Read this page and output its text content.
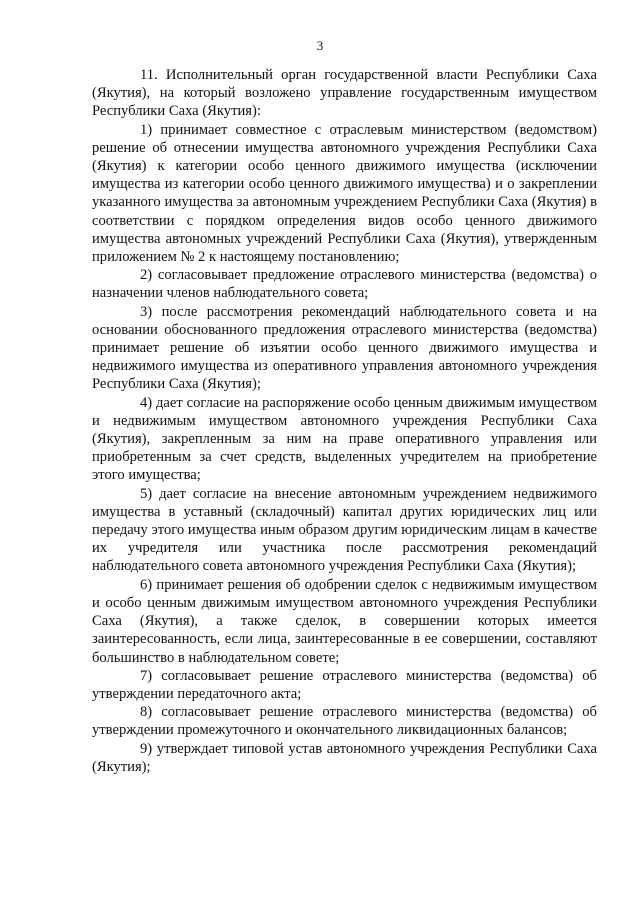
3

11. Исполнительный орган государственной власти Республики Саха (Якутия), на который возложено управление государственным имуществом Республики Саха (Якутия):

1) принимает совместное с отраслевым министерством (ведомством) решение об отнесении имущества автономного учреждения Республики Саха (Якутия) к категории особо ценного движимого имущества (исключении имущества из категории особо ценного движимого имущества) и о закреплении указанного имущества за автономным учреждением Республики Саха (Якутия) в соответствии с порядком определения видов особо ценного движимого имущества автономных учреждений Республики Саха (Якутия), утвержденным приложением № 2 к настоящему постановлению;

2) согласовывает предложение отраслевого министерства (ведомства) о назначении членов наблюдательного совета;

3) после рассмотрения рекомендаций наблюдательного совета и на основании обоснованного предложения отраслевого министерства (ведомства) принимает решение об изъятии особо ценного движимого имущества и недвижимого имущества из оперативного управления автономного учреждения Республики Саха (Якутия);

4) дает согласие на распоряжение особо ценным движимым имуществом и недвижимым имуществом автономного учреждения Республики Саха (Якутия), закрепленным за ним на праве оперативного управления или приобретенным за счет средств, выделенных учредителем на приобретение этого имущества;

5) дает согласие на внесение автономным учреждением недвижимого имущества в уставный (складочный) капитал других юридических лиц или передачу этого имущества иным образом другим юридическим лицам в качестве их учредителя или участника после рассмотрения рекомендаций наблюдательного совета автономного учреждения Республики Саха (Якутия);

6) принимает решения об одобрении сделок с недвижимым имуществом и особо ценным движимым имуществом автономного учреждения Республики Саха (Якутия), а также сделок, в совершении которых имеется заинтересованность, если лица, заинтересованные в ее совершении, составляют большинство в наблюдательном совете;

7) согласовывает решение отраслевого министерства (ведомства) об утверждении передаточного акта;

8) согласовывает решение отраслевого министерства (ведомства) об утверждении промежуточного и окончательного ликвидационных балансов;

9) утверждает типовой устав автономного учреждения Республики Саха (Якутия);
